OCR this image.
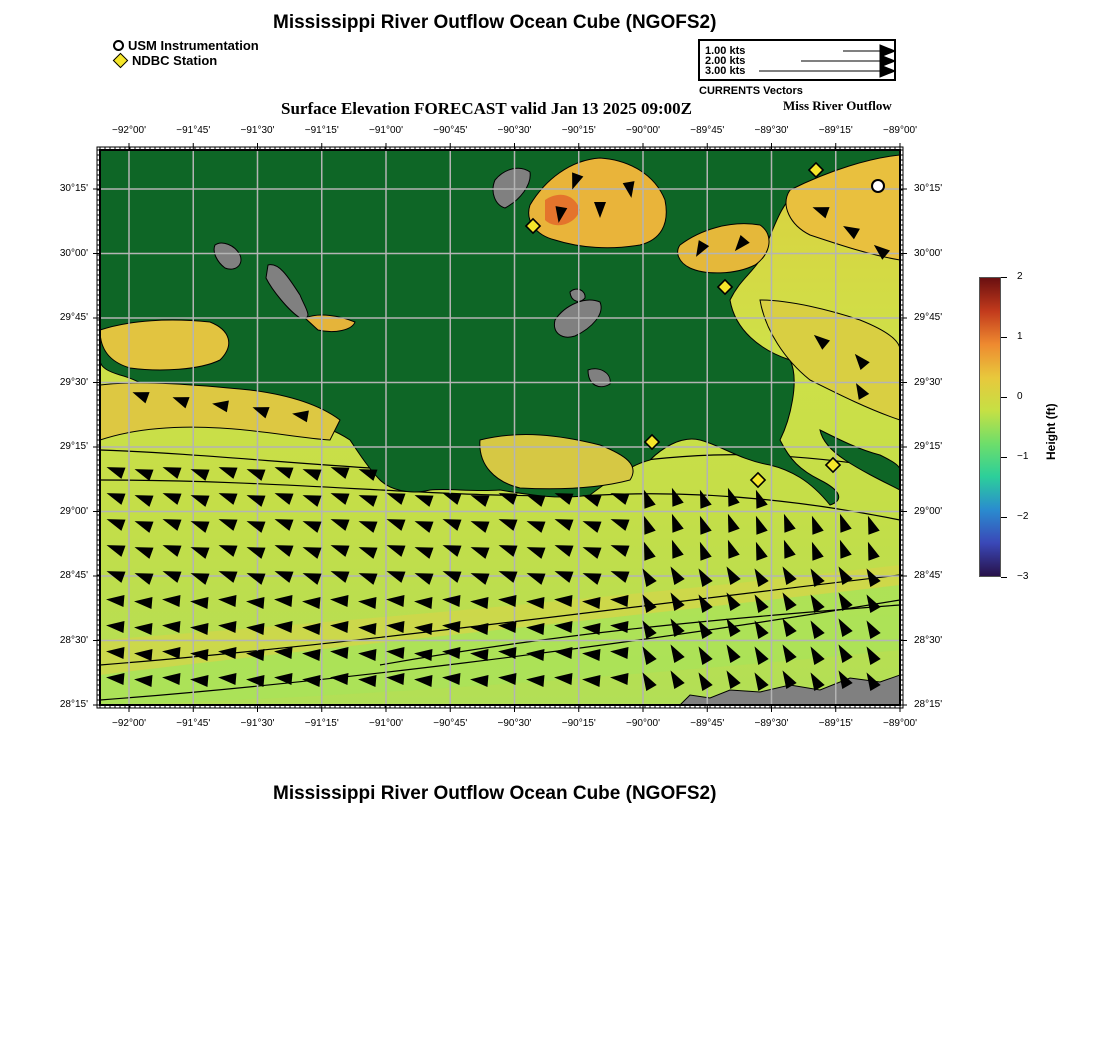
Mississippi River Outflow Ocean Cube (NGOFS2)
USM Instrumentation
NDBC Station
1.00 kts
2.00 kts
3.00 kts
CURRENTS Vectors
Surface Elevation FORECAST valid Jan 13 2025 09:00Z	Miss River Outflow
−92°00'	−91°45'	−91°30'	−91°15'	−91°00'	−90°45'	−90°30'	−90°15'	−90°00'	−89°45'	−89°30'	−89°15'	−89°00'
−92°00'	−91°45'	−91°30'	−91°15'	−91°00'	−90°45'	−90°30'	−90°15'	−90°00'	−89°45'	−89°30'	−89°15'	−89°00'
30°15'
30°00'
29°45'
29°30'
29°15'
29°00'
28°45'
28°30'
28°15'
30°15'
30°00'
29°45'
29°30'
29°15'
29°00'
28°45'
28°30'
28°15'
2
1
0
−1
−2
−3
Height (ft)
Mississippi River Outflow Ocean Cube (NGOFS2)
